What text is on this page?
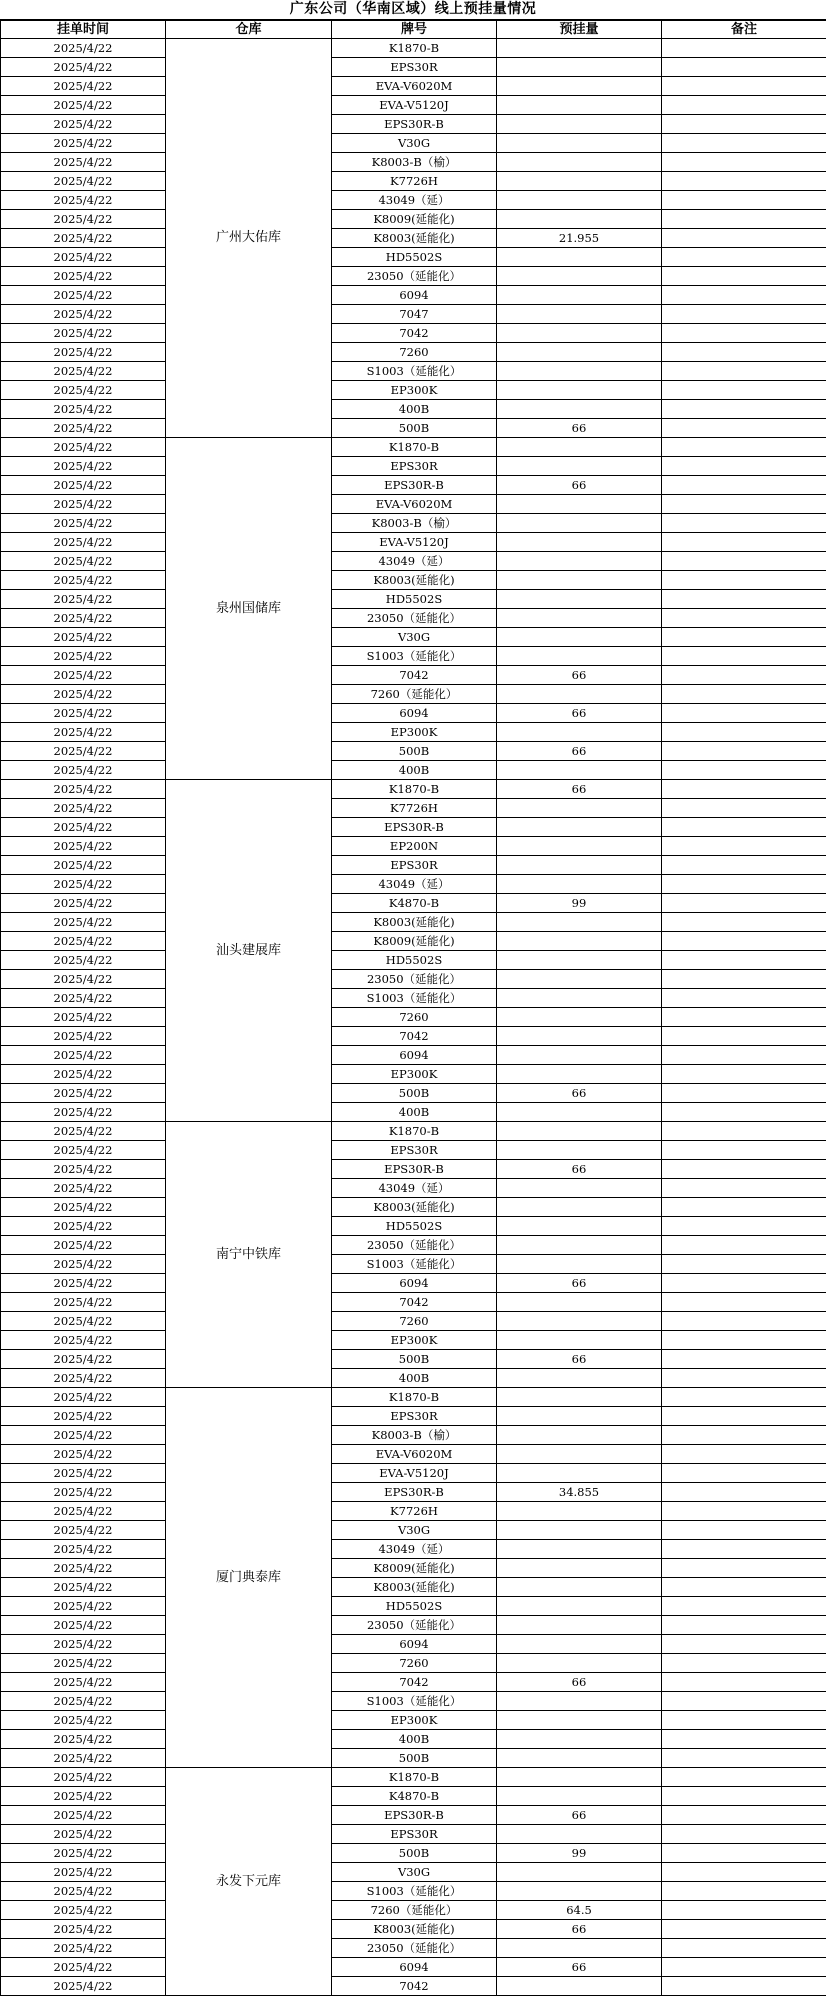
广东公司（华南区域）线上预挂量情况
挂单时间	仓库	牌号	预挂量	备注
2025/4/22	广州大佑库	K1870-B		
2025/4/22		EPS30R		
2025/4/22		EVA-V6020M		
2025/4/22		EVA-V5120J		
2025/4/22		EPS30R-B		
2025/4/22		V30G		
2025/4/22		K8003-B（榆）		
2025/4/22		K7726H		
2025/4/22		43049（延）		
2025/4/22		K8009(延能化)		
2025/4/22		K8003(延能化)	21.955	
2025/4/22		HD5502S		
2025/4/22		23050（延能化）		
2025/4/22		6094		
2025/4/22		7047		
2025/4/22		7042		
2025/4/22		7260		
2025/4/22		S1003（延能化）		
2025/4/22		EP300K		
2025/4/22		400B		
2025/4/22		500B	66	
2025/4/22	泉州国储库	K1870-B		
2025/4/22		EPS30R		
2025/4/22		EPS30R-B	66	
2025/4/22		EVA-V6020M		
2025/4/22		K8003-B（榆）		
2025/4/22		EVA-V5120J		
2025/4/22		43049（延）		
2025/4/22		K8003(延能化)		
2025/4/22		HD5502S		
2025/4/22		23050（延能化）		
2025/4/22		V30G		
2025/4/22		S1003（延能化）		
2025/4/22		7042	66	
2025/4/22		7260（延能化）		
2025/4/22		6094	66	
2025/4/22		EP300K		
2025/4/22		500B	66	
2025/4/22		400B		
2025/4/22	汕头建展库	K1870-B	66	
2025/4/22		K7726H		
2025/4/22		EPS30R-B		
2025/4/22		EP200N		
2025/4/22		EPS30R		
2025/4/22		43049（延）		
2025/4/22		K4870-B	99	
2025/4/22		K8003(延能化)		
2025/4/22		K8009(延能化)		
2025/4/22		HD5502S		
2025/4/22		23050（延能化）		
2025/4/22		S1003（延能化）		
2025/4/22		7260		
2025/4/22		7042		
2025/4/22		6094		
2025/4/22		EP300K		
2025/4/22		500B	66	
2025/4/22		400B		
2025/4/22	南宁中铁库	K1870-B		
2025/4/22		EPS30R		
2025/4/22		EPS30R-B	66	
2025/4/22		43049（延）		
2025/4/22		K8003(延能化)		
2025/4/22		HD5502S		
2025/4/22		23050（延能化）		
2025/4/22		S1003（延能化）		
2025/4/22		6094	66	
2025/4/22		7042		
2025/4/22		7260		
2025/4/22		EP300K		
2025/4/22		500B	66	
2025/4/22		400B		
2025/4/22	厦门典泰库	K1870-B		
2025/4/22		EPS30R		
2025/4/22		K8003-B（榆）		
2025/4/22		EVA-V6020M		
2025/4/22		EVA-V5120J		
2025/4/22		EPS30R-B	34.855	
2025/4/22		K7726H		
2025/4/22		V30G		
2025/4/22		43049（延）		
2025/4/22		K8009(延能化)		
2025/4/22		K8003(延能化)		
2025/4/22		HD5502S		
2025/4/22		23050（延能化）		
2025/4/22		6094		
2025/4/22		7260		
2025/4/22		7042	66	
2025/4/22		S1003（延能化）		
2025/4/22		EP300K		
2025/4/22		400B		
2025/4/22		500B		
2025/4/22	永发下元库	K1870-B		
2025/4/22		K4870-B		
2025/4/22		EPS30R-B	66	
2025/4/22		EPS30R		
2025/4/22		500B	99	
2025/4/22		V30G		
2025/4/22		S1003（延能化）		
2025/4/22		7260（延能化）	64.5	
2025/4/22		K8003(延能化)	66	
2025/4/22		23050（延能化）		
2025/4/22		6094	66	
2025/4/22		7042		
